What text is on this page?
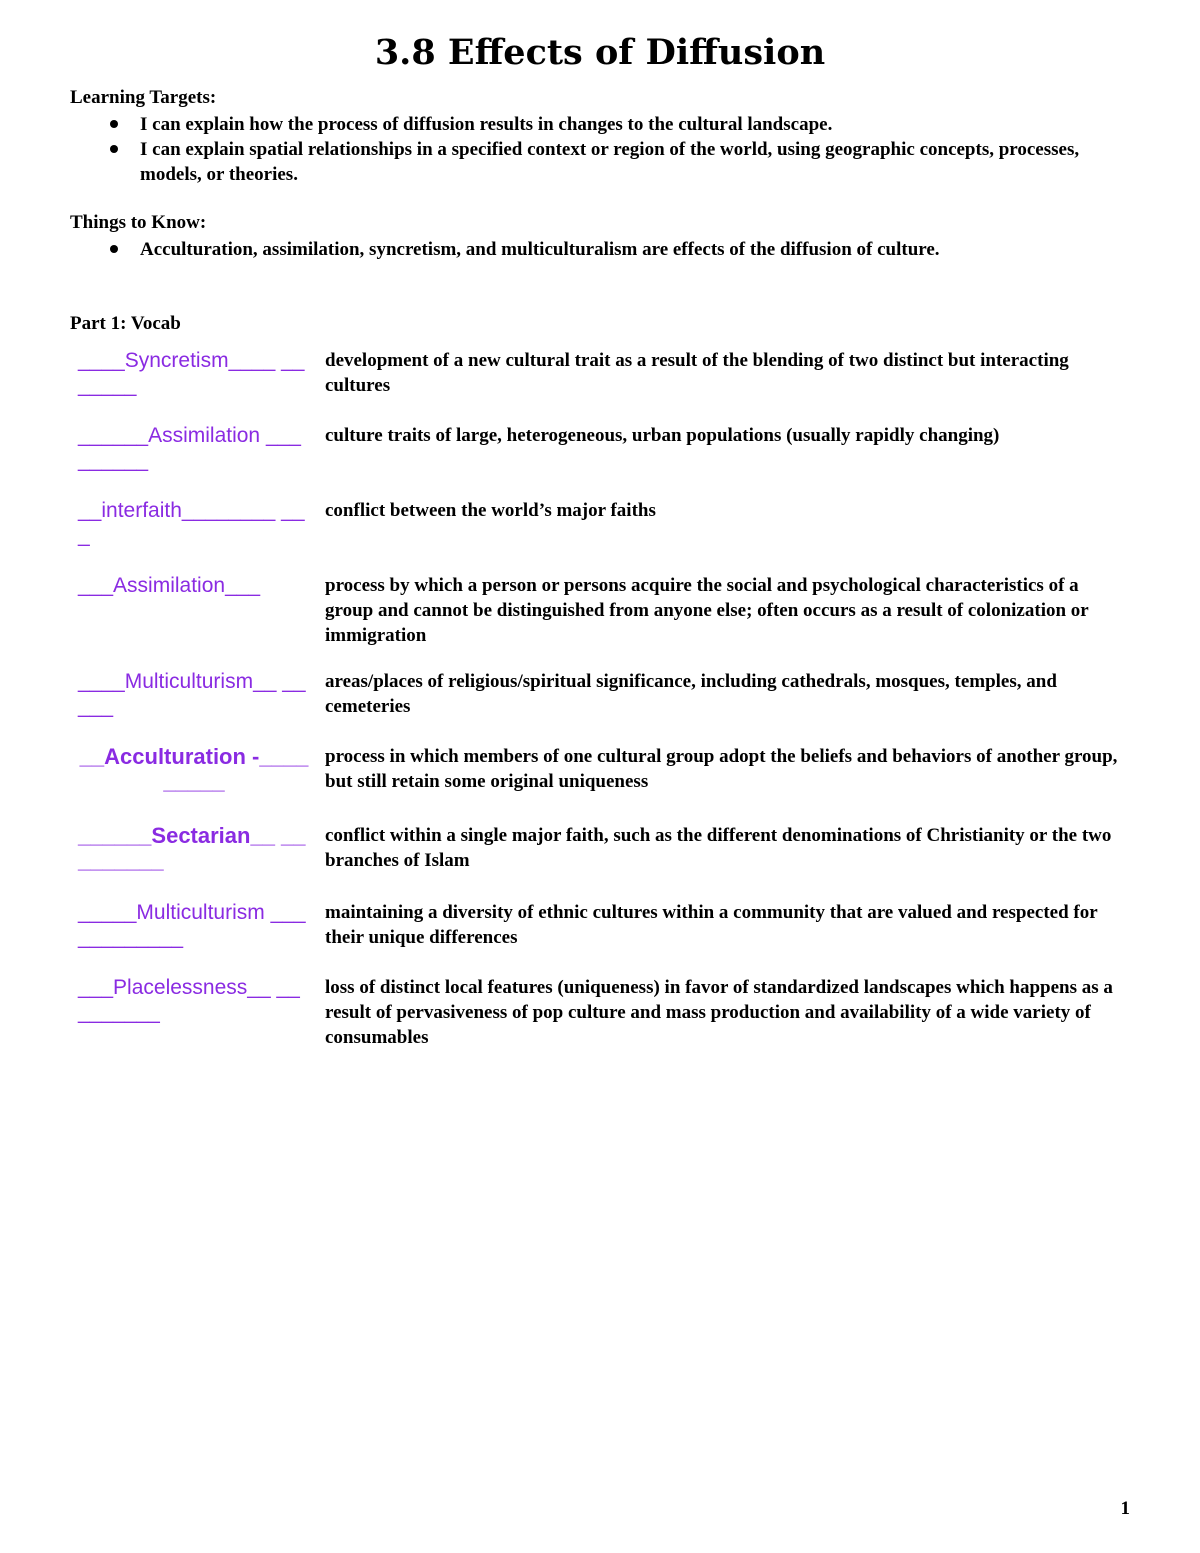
3.8 Effects of Diffusion

Learning Targets:

I can explain how the process of diffusion results in changes to the cultural landscape.
I can explain spatial relationships in a specified context or region of the world, using geographic concepts, processes, models, or theories.

Things to Know:

Acculturation, assimilation, syncretism, and multiculturalism are effects of the diffusion of culture.

Part 1: Vocab

____Syncretism____ _______
development of a new cultural trait as a result of the blending of two distinct but interacting cultures
______Assimilation _________
culture traits of large, heterogeneous, urban populations (usually rapidly changing)
__interfaith________ ___
conflict between the world’s major faiths
___Assimilation___	process by which a person or persons acquire the social and psychological characteristics of a group and cannot be distinguished from anyone else; often occurs as a result of colonization or immigration
____Multiculturism__ _____
areas/places of religious/spiritual significance, including cathedrals, mosques, temples, and cemeteries
__Acculturation -_________
process in which members of one cultural group adopt the beliefs and behaviors of another group, but still retain some original uniqueness
______Sectarian__ _________
conflict within a single major faith, such as the different denominations of Christianity or the two branches of Islam
_____Multiculturism ____________
maintaining a diversity of ethnic cultures within a community that are valued and respected for their unique differences
___Placelessness__ _________
loss of distinct local features (uniqueness) in favor of standardized landscapes which happens as a result of pervasiveness of pop culture and mass production and availability of a wide variety of consumables
1
